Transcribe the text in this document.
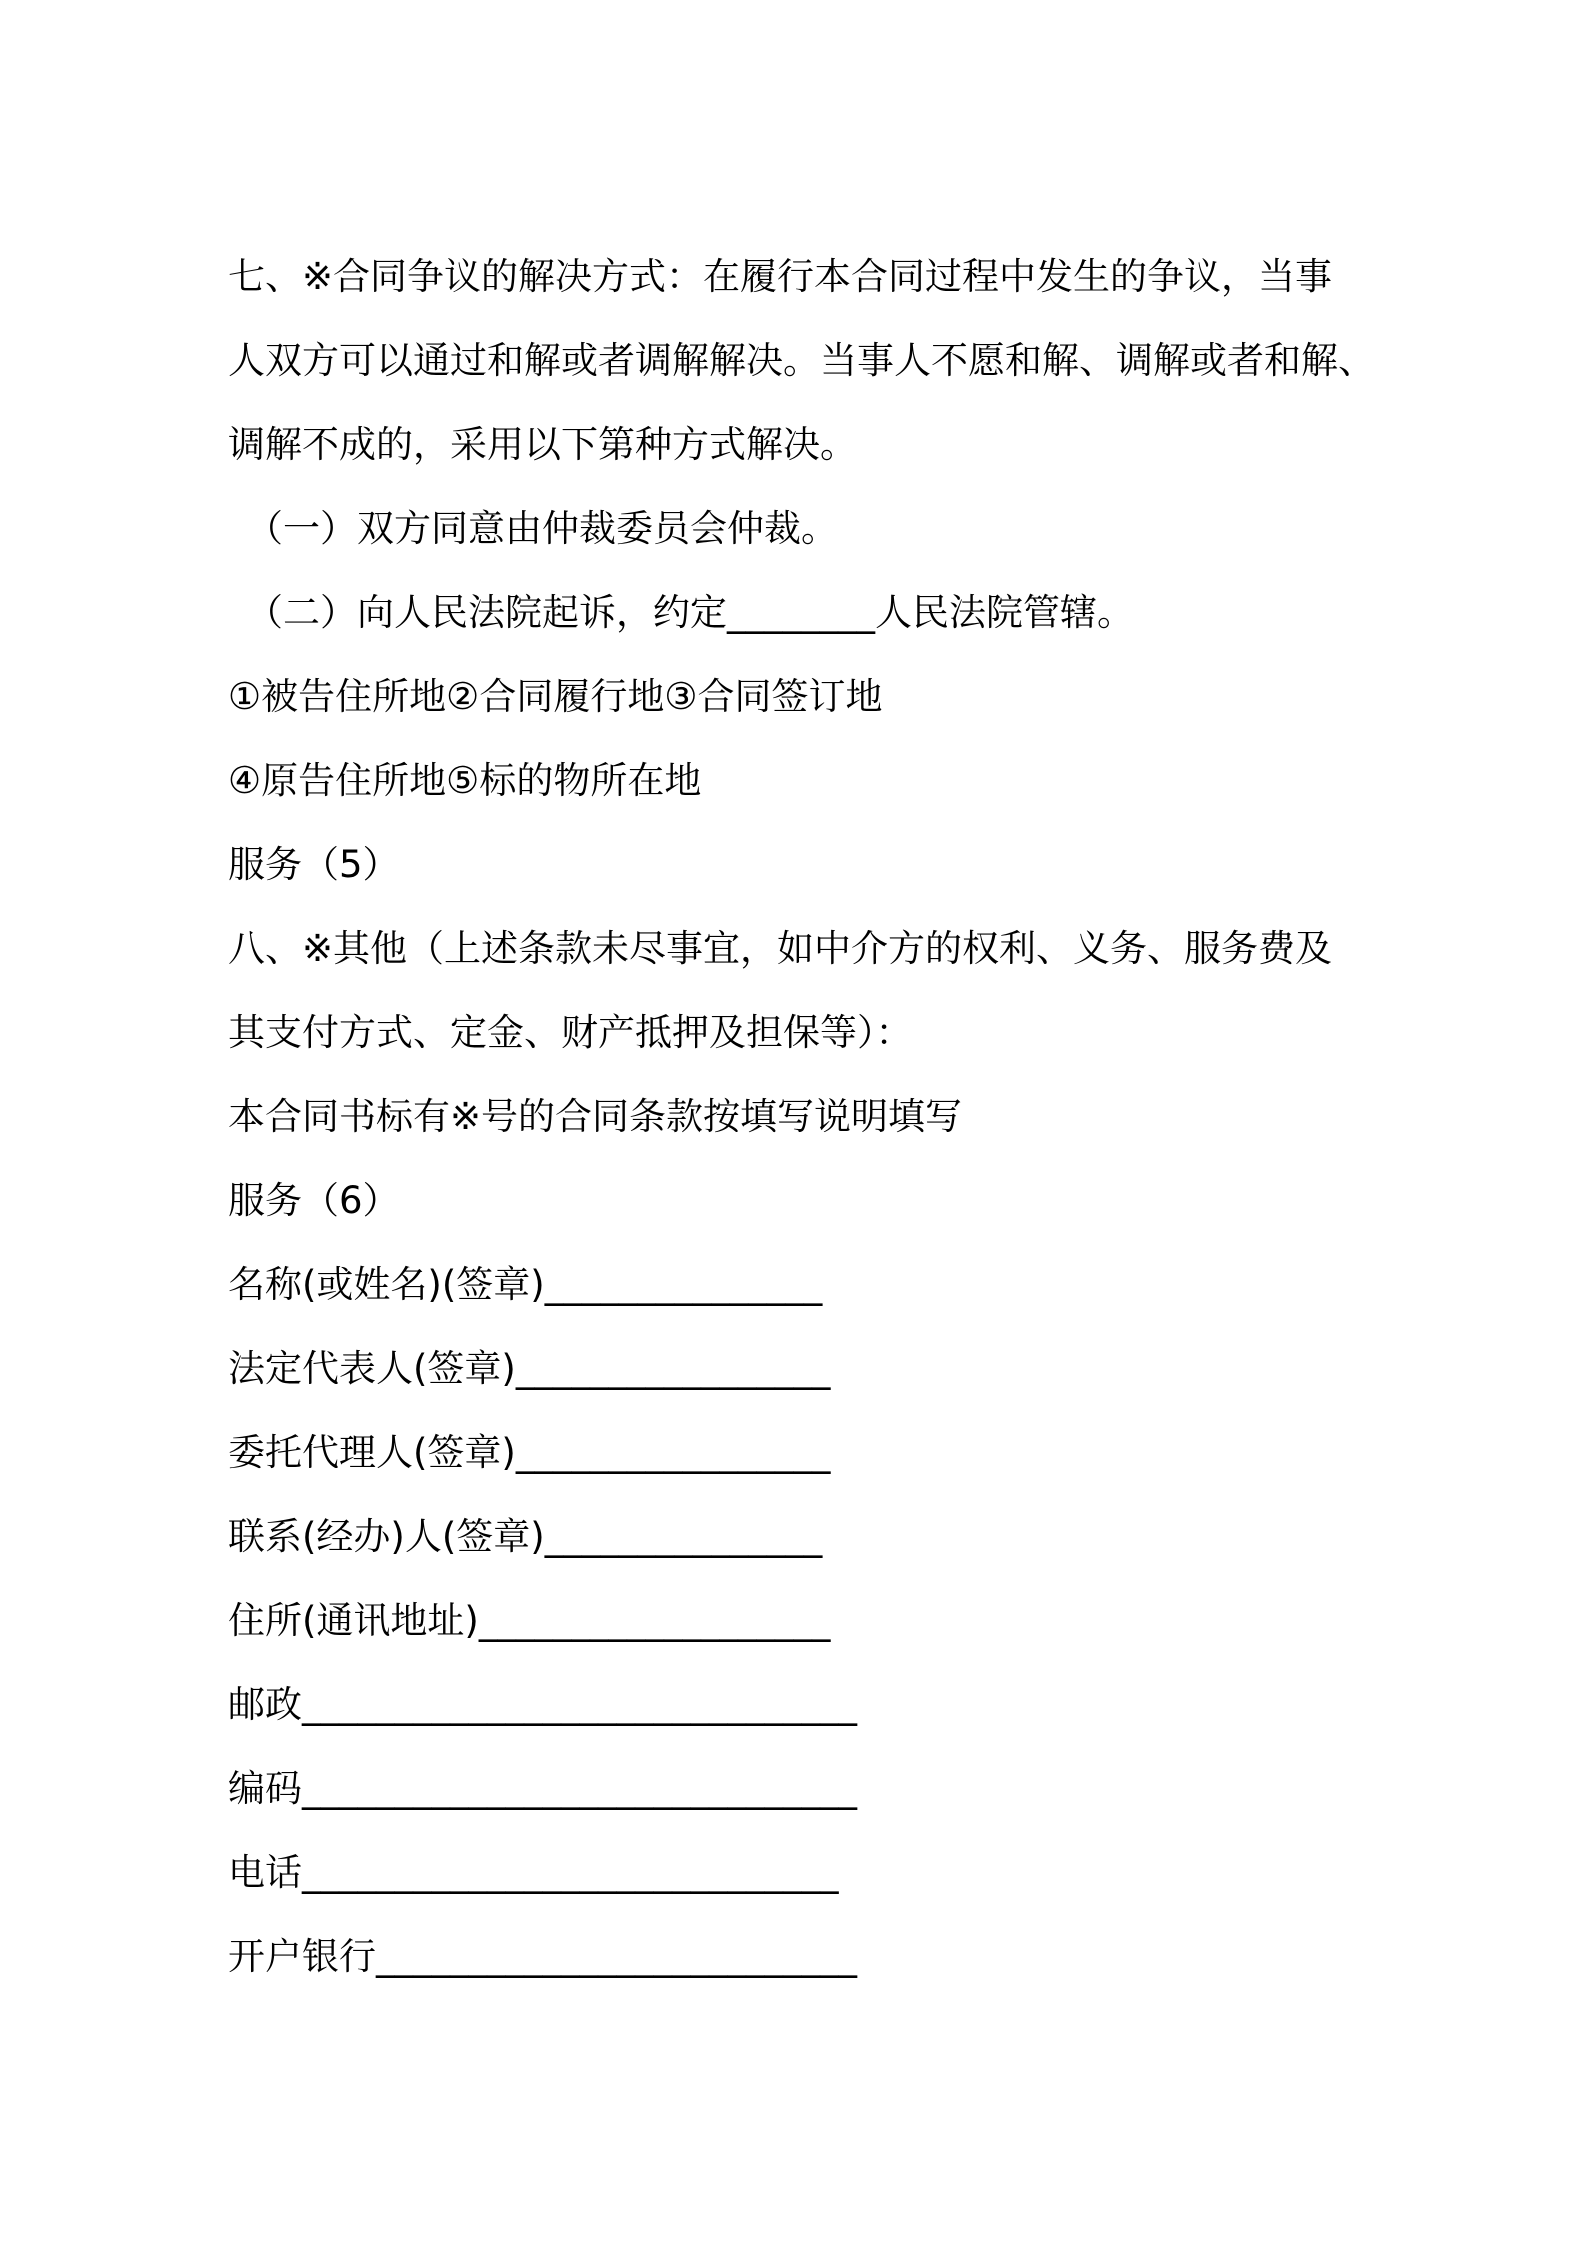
七、※合同争议的解决方式：在履行本合同过程中发生的争议，当事
人双方可以通过和解或者调解解决。当事人不愿和解、调解或者和解、
调解不成的，采用以下第种方式解决。
（一）双方同意由仲裁委员会仲裁。
（二）向人民法院起诉，约定________人民法院管辖。
①被告住所地②合同履行地③合同签订地
④原告住所地⑤标的物所在地
服务（5）
八、※其他（上述条款未尽事宜，如中介方的权利、义务、服务费及
其支付方式、定金、财产抵押及担保等）：
本合同书标有※号的合同条款按填写说明填写
服务（6）
名称(或姓名)(签章)_______________
法定代表人(签章)_________________
委托代理人(签章)_________________
联系(经办)人(签章)_______________
住所(通讯地址)___________________
邮政______________________________
编码______________________________
电话_____________________________
开户银行__________________________
